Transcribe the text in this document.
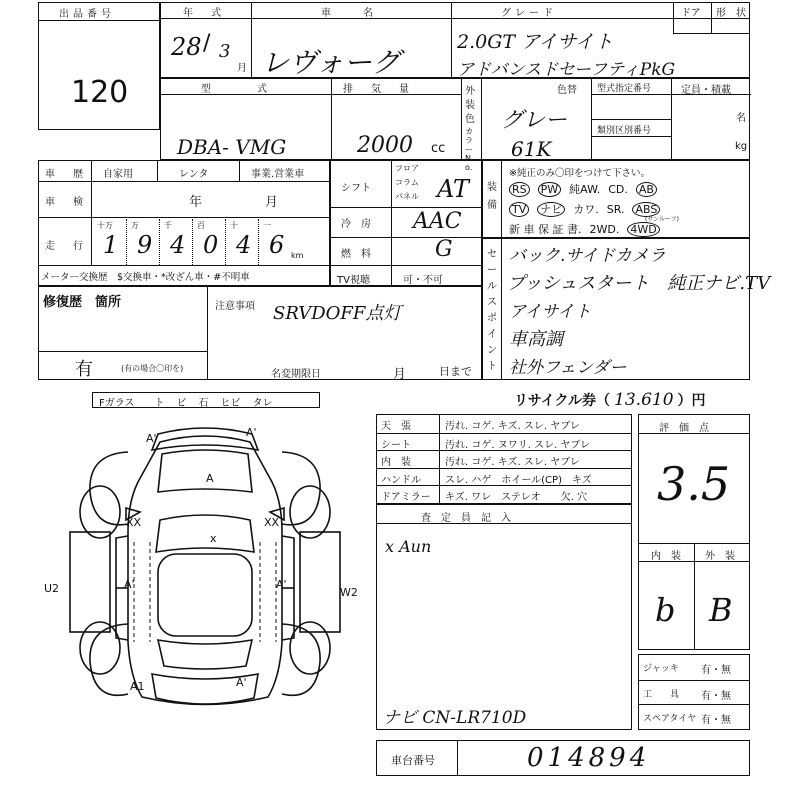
出品番号
120
年　式	車　　名	グレード	ドア 形　状
28 / 3
月 レヴォーグ
2.0GT アイサイト
アドバンスドセーフティPkG
型　　　式	排　気　量
DBA- VMG	2000 cc
外装色
カラーNo.
色替
グレー
61K
型式指定番号
類別区別番号
定員・積載
名
kg
車　歴 自家用	レンタ	事業.営業車
車　検	年	月
走　行
十万
1
万
9
千
4
百
0
十
4
一
6 km
メーター交換歴　$交換車・*改ざん車・#不明車
シフト
フロア
コラム
パネル AT
冷　房 AAC
燃　料	G
TV視聴	可・不可
装備
※純正のみ〇印をつけて下さい。
RS PW 純AW. CD. AB
TV ナビ カワ. SR. ABS
(サンルーフ)
新 車 保 証 書. 2WD. 4WD
セールスポイント
バック.サイドカメラ
プッシュスタート　純正ナビ.TV
アイサイト
車高調
社外フェンダー
修復歴　箇所
有	(有の場合〇印を)
注意事項 SRVDOFF点灯
名変期限日	月	日まで
Fガラス ト ビ 石 ヒビ タレ
A'	A'
A
XX	XX
A'	A'
A1	A'
U2	W2
x
リサイクル券（ 13.610 ）円
天　張	汚れ. コゲ. キズ. スレ. ヤブレ
シート	汚れ. コゲ. ヌワリ. スレ. ヤブレ
内　装	汚れ. コゲ. キズ. スレ. ヤブレ
ハンドル	スレ. ハゲ　ホイール(CP)　キズ
ドアミラー	キズ. ワレ　ステレオ　　欠. 穴
査　定　員　記　入
x Aun
ナビ CN-LR710D
評　価　点
3.5
内　装 外　装
b B
ジャッキ 有・無
工　　具 有・無
スペアタイヤ 有・無
車台番号	014894
